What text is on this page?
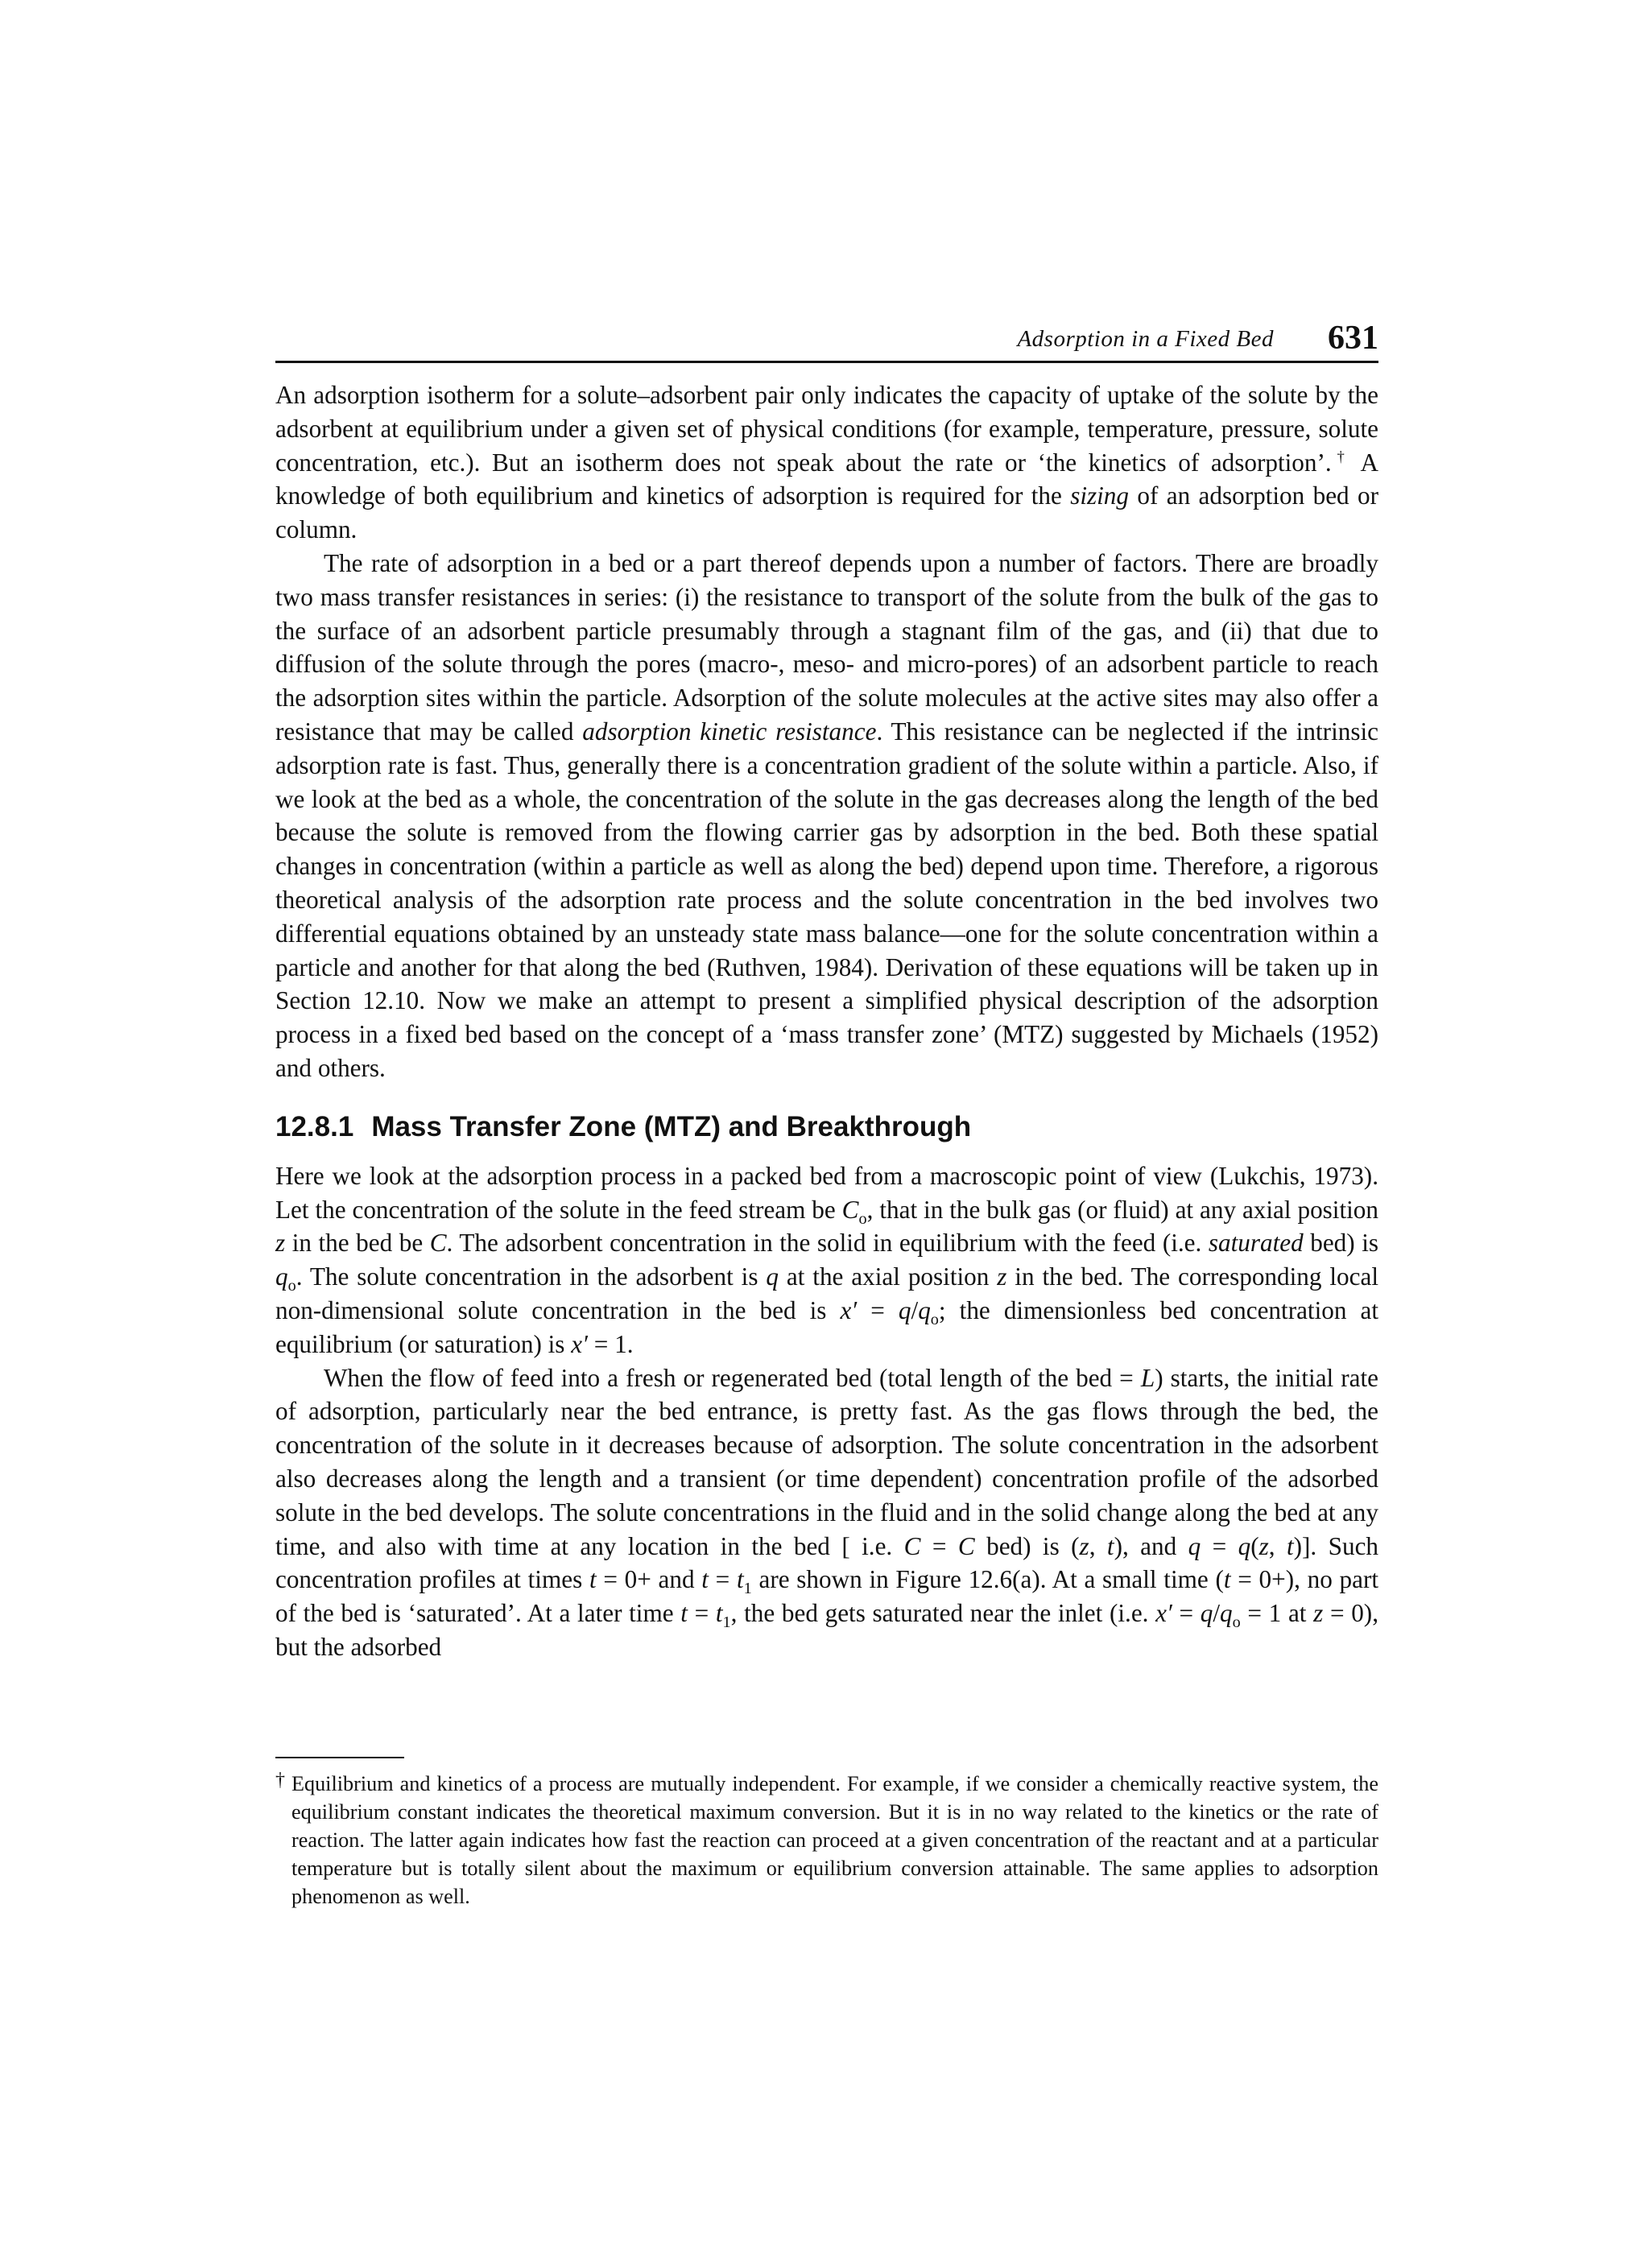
Adsorption in a Fixed Bed 631

An adsorption isotherm for a solute–adsorbent pair only indicates the capacity of uptake of the solute by the adsorbent at equilibrium under a given set of physical conditions (for example, temperature, pressure, solute concentration, etc.). But an isotherm does not speak about the rate or ‘the kinetics of adsorption’.† A knowledge of both equilibrium and kinetics of adsorption is required for the sizing of an adsorption bed or column.

The rate of adsorption in a bed or a part thereof depends upon a number of factors. There are broadly two mass transfer resistances in series: (i) the resistance to transport of the solute from the bulk of the gas to the surface of an adsorbent particle presumably through a stagnant film of the gas, and (ii) that due to diffusion of the solute through the pores (macro-, meso- and micro-pores) of an adsorbent particle to reach the adsorption sites within the particle. Adsorption of the solute molecules at the active sites may also offer a resistance that may be called adsorption kinetic resistance. This resistance can be neglected if the intrinsic adsorption rate is fast. Thus, generally there is a concentration gradient of the solute within a particle. Also, if we look at the bed as a whole, the concentration of the solute in the gas decreases along the length of the bed because the solute is removed from the flowing carrier gas by adsorption in the bed. Both these spatial changes in concentration (within a particle as well as along the bed) depend upon time. Therefore, a rigorous theoretical analysis of the adsorption rate process and the solute concentration in the bed involves two differential equations obtained by an unsteady state mass balance—one for the solute concentration within a particle and another for that along the bed (Ruthven, 1984). Derivation of these equations will be taken up in Section 12.10. Now we make an attempt to present a simplified physical description of the adsorption process in a fixed bed based on the concept of a ‘mass transfer zone’ (MTZ) suggested by Michaels (1952) and others.

12.8.1 Mass Transfer Zone (MTZ) and Breakthrough

Here we look at the adsorption process in a packed bed from a macroscopic point of view (Lukchis, 1973). Let the concentration of the solute in the feed stream be $C_o$, that in the bulk gas (or fluid) at any axial position z in the bed be C. The adsorbent concentration in the solid in equilibrium with the feed (i.e. saturated bed) is $q_o$. The solute concentration in the adsorbent is q at the axial position z in the bed. The corresponding local non-dimensional solute concentration in the bed is $x' = q/q_o$; the dimensionless bed concentration at equilibrium (or saturation) is x′ = 1.

When the flow of feed into a fresh or regenerated bed (total length of the bed = L) starts, the initial rate of adsorption, particularly near the bed entrance, is pretty fast. As the gas flows through the bed, the concentration of the solute in it decreases because of adsorption. The solute concentration in the adsorbent also decreases along the length and a transient (or time dependent) concentration profile of the adsorbed solute in the bed develops. The solute concentrations in the fluid and in the solid change along the bed at any time, and also with time at any location in the bed [ i.e. C = C bed) is (z, t), and q = q(z, t)]. Such concentration profiles at times t = 0+ and $t = t_1$ are shown in Figure 12.6(a). At a small time (t = 0+), no part of the bed is ‘saturated’. At a later time $t = t_1$, the bed gets saturated near the inlet (i.e. $x' = q/q_o = 1$ at z = 0), but the adsorbed

† Equilibrium and kinetics of a process are mutually independent. For example, if we consider a chemically reactive system, the equilibrium constant indicates the theoretical maximum conversion. But it is in no way related to the kinetics or the rate of reaction. The latter again indicates how fast the reaction can proceed at a given concentration of the reactant and at a particular temperature but is totally silent about the maximum or equilibrium conversion attainable. The same applies to adsorption phenomenon as well.
